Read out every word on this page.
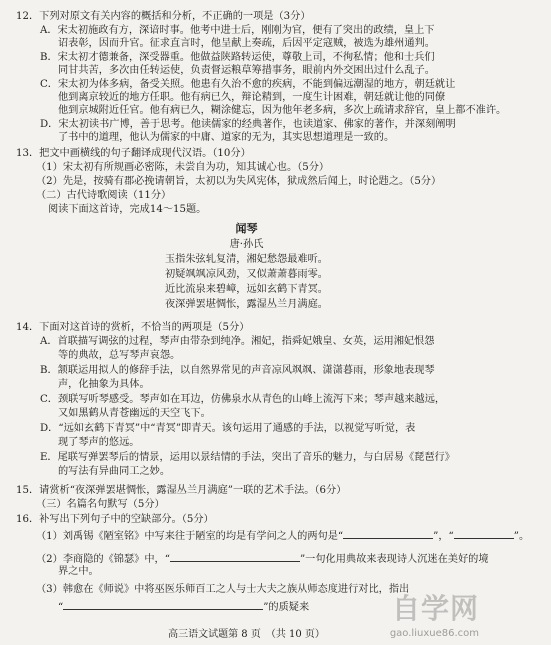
12．下列对原文有关内容的概括和分析，不正确的一项是（3分）
A．宋太初施政有方，深谙时事。他考中进士后，刚刚为官，便有了突出的政绩，皇上下
诏表彰，因而升官。征求直言时，他呈献上奏疏，后因平定寇贼，被选为雄州通判。
B．宋太初才德兼备，深受器重。他做益陕路转运使，尊敬上司，不徇私情；他和士兵们
同甘共苦，多次由任转运使，负责督运粮草筹措事务，眼前内外交困出过什么乱子。
C．宋太初为体多病，备受关照。他患有久治不愈的疾病，不能到偏远潮湿的地方，朝廷就让
他到离京较近的地方任职。他有病已久，辩论精到，一度生计困难，朝廷就让他的同僚
他到京城附近任官。他有病已久，糊涂健忘，因为他年老多病，多次上疏请求辞官，皇上都不准许。
D．宋太初读书广博，善于思考。他读儒家的经典著作，也读道家、佛家的著作，并深刻阐明
了书中的道理，他认为儒家的中庸、道家的无为，其实思想道理是一致的。
13．把文中画横线的句子翻译成现代汉语。（10分）
（1）宋太初有所规画必密陈，未尝自为功，知其诚心也。（5分）
（2）先是，按骑有郡必挽请朝旨，太初以为失风宪体，狱成然后闻上，时论韪之。（5分）
（二）古代诗歌阅读（11分）
阅读下面这首诗，完成14～15题。
闻琴
唐·孙氏
玉指朱弦轧复清，湘妃愁怨最难听。
初疑飒飒凉风劲，又似萧萧暮雨零。
近比流泉来碧嶂，远如玄鹤下青冥。
夜深弹罢堪惆怅，露湿丛兰月满庭。
14．下面对这首诗的赏析，不恰当的两项是（5分）
A．首联描写调弦的过程，琴声由带杂到纯净。湘妃，指舜妃娥皇、女英，运用湘妃恨怨
等的典故，总写琴声哀怨。
B．颔联运用拟人的修辞手法，以自然界常见的声音凉风飒飒、潇潇暮雨，形象地表现琴
声，化抽象为具体。
C．颈联写听琴感受。琴声如在耳边，仿佛泉水从青色的山峰上流泻下来；琴声越来越远，
又如黑鹤从青苍幽远的天空飞下。
D．“远如玄鹤下青冥”中“青冥”即青天。该句运用了通感的手法，以视觉写听觉，表
现了琴声的悠远。
E．尾联写弹罢琴后的情景，运用以景结情的手法，突出了音乐的魅力，与白居易《琵琶行》
的写法有异曲同工之妙。
15．请赏析“夜深弹罢堪惆怅，露湿丛兰月满庭”一联的艺术手法。（6分）
（三）名篇名句默写（5分）
16．补写出下列句子中的空缺部分。（5分）
（1）刘禹锡《陋室铭》中写来往于陋室的均是有学问之人的两句是“	”，“	”。
（2）李商隐的《锦瑟》中，“	”一句化用典故来表现诗人沉迷在美好的境
界之中。
（3）韩愈在《师说》中将巫医乐师百工之人与士大夫之族从师态度进行对比，指出
“	”的质疑来
高三语文试题第 8 页　（共 10 页）
自学网
gao.liuxue86.com
